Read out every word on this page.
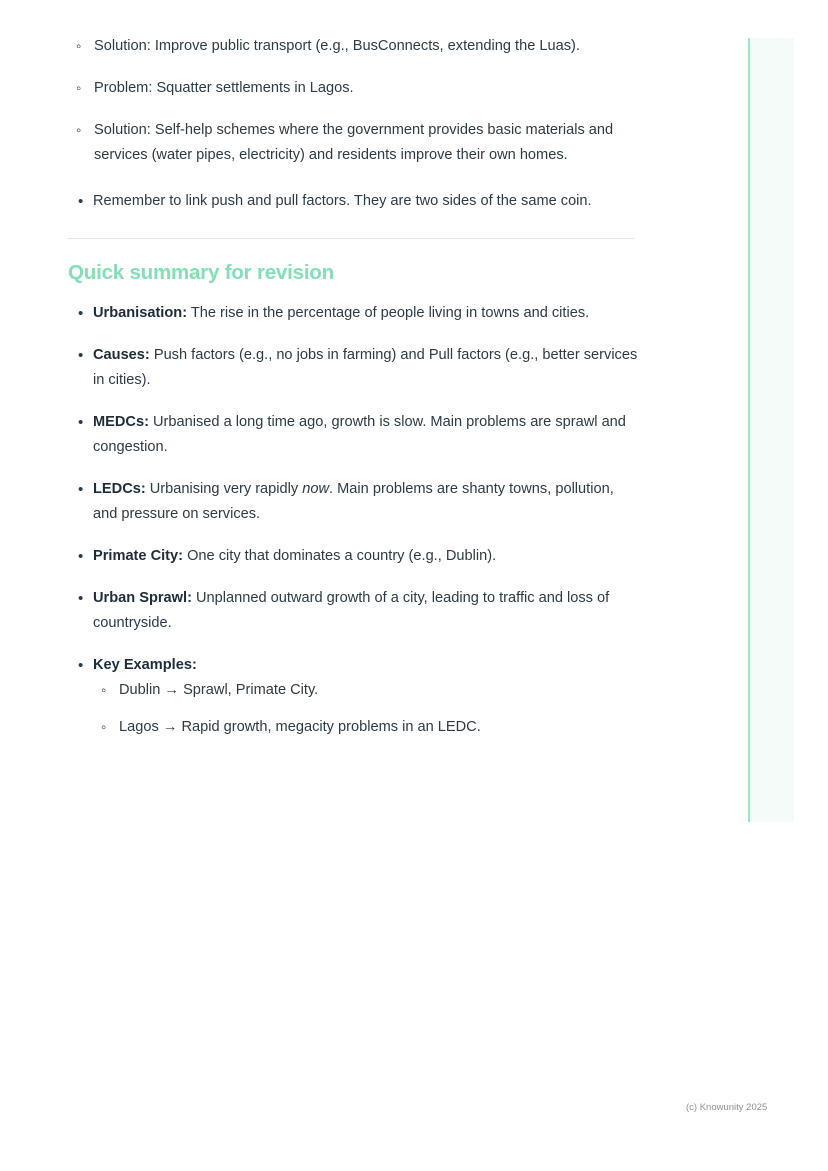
◦ Solution: Improve public transport (e.g., BusConnects, extending the Luas).
◦ Problem: Squatter settlements in Lagos.
◦ Solution: Self-help schemes where the government provides basic materials and services (water pipes, electricity) and residents improve their own homes.
• Remember to link push and pull factors. They are two sides of the same coin.
Quick summary for revision
• Urbanisation: The rise in the percentage of people living in towns and cities.
• Causes: Push factors (e.g., no jobs in farming) and Pull factors (e.g., better services in cities).
• MEDCs: Urbanised a long time ago, growth is slow. Main problems are sprawl and congestion.
• LEDCs: Urbanising very rapidly now. Main problems are shanty towns, pollution, and pressure on services.
• Primate City: One city that dominates a country (e.g., Dublin).
• Urban Sprawl: Unplanned outward growth of a city, leading to traffic and loss of countryside.
• Key Examples:
◦ Dublin → Sprawl, Primate City.
◦ Lagos → Rapid growth, megacity problems in an LEDC.
(c) Knowunity 2025
